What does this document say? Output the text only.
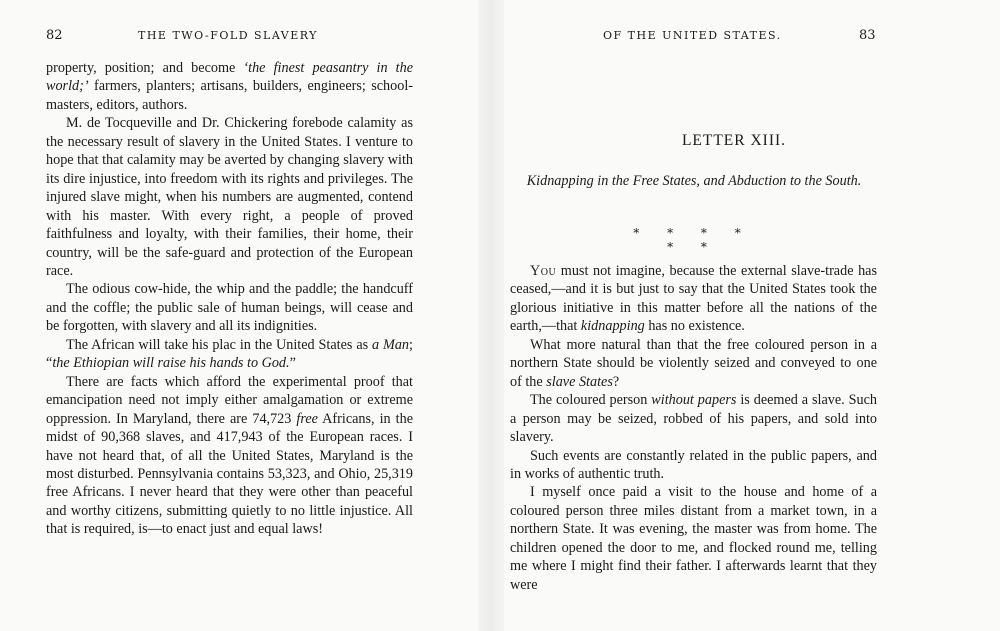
82	THE TWO-FOLD SLAVERY

property, position; and become ‘the finest peasantry in the world;’ farmers, planters; artisans, builders, engineers; school-masters, editors, authors.

M. de Tocqueville and Dr. Chickering forebode calamity as the necessary result of slavery in the United States. I venture to hope that that calamity may be averted by changing slavery with its dire injustice, into freedom with its rights and privileges. The injured slave might, when his numbers are augmented, contend with his master. With every right, a people of proved faithfulness and loyalty, with their families, their home, their country, will be the safe-guard and protection of the European race.

The odious cow-hide, the whip and the paddle; the handcuff and the coffle; the public sale of human beings, will cease and be forgotten, with slavery and all its indignities.

The African will take his plac in the United States as a Man; “the Ethiopian will raise his hands to God.”

There are facts which afford the experimental proof that emancipation need not imply either amalgamation or extreme oppression. In Maryland, there are 74,723 free Africans, in the midst of 90,368 slaves, and 417,943 of the European races. I have not heard that, of all the United States, Maryland is the most disturbed. Pennsylvania contains 53,323, and Ohio, 25,319 free Africans. I never heard that they were other than peaceful and worthy citizens, submitting quietly to no little injustice. All that is required, is—to enact just and equal laws!

OF THE UNITED STATES.	83
LETTER XIII.
Kidnapping in the Free States, and Abduction to the South.
* * * * * *

You must not imagine, because the external slave-trade has ceased,—and it is but just to say that the United States took the glorious initiative in this matter before all the nations of the earth,—that kidnapping has no existence.

What more natural than that the free coloured person in a northern State should be violently seized and conveyed to one of the slave States?

The coloured person without papers is deemed a slave. Such a person may be seized, robbed of his papers, and sold into slavery.

Such events are constantly related in the public papers, and in works of authentic truth.

I myself once paid a visit to the house and home of a coloured person three miles distant from a market town, in a northern State. It was evening, the master was from home. The children opened the door to me, and flocked round me, telling me where I might find their father. I afterwards learnt that they were
